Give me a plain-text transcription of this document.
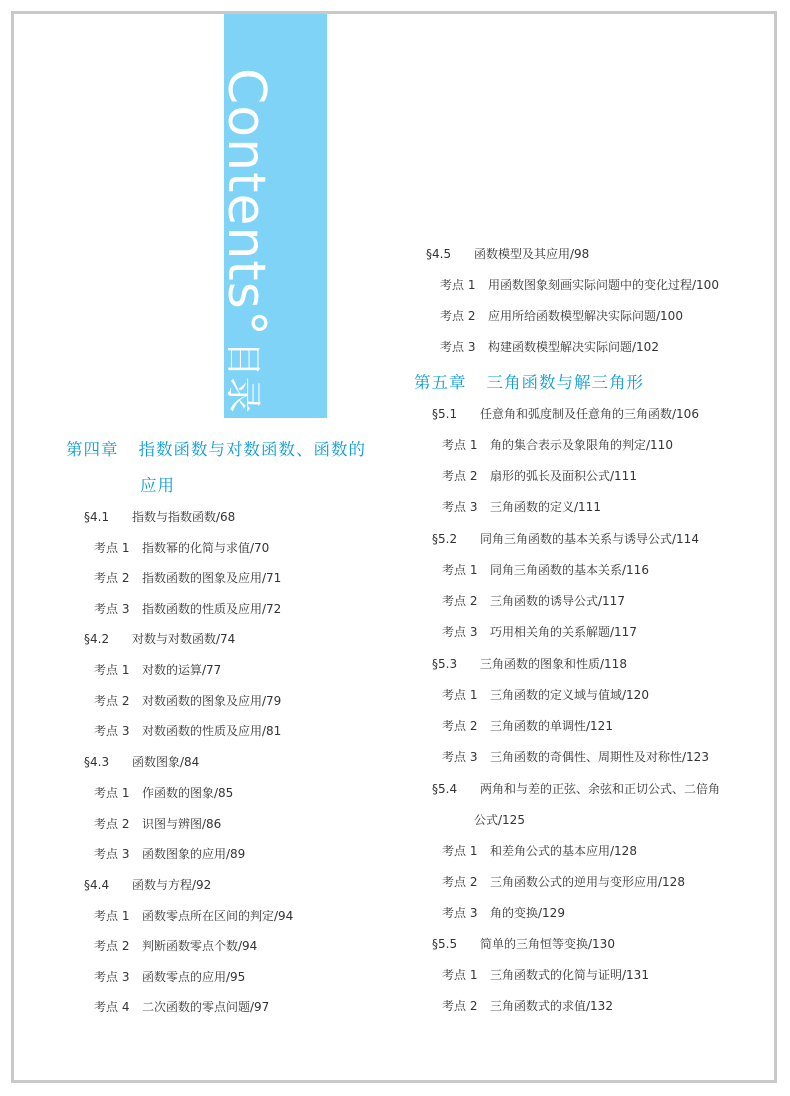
Contents°目录
第四章 指数函数与对数函数、函数的
应用
§4.1 指数与指数函数/68
考点 1 指数幂的化简与求值/70
考点 2 指数函数的图象及应用/71
考点 3 指数函数的性质及应用/72
§4.2 对数与对数函数/74
考点 1 对数的运算/77
考点 2 对数函数的图象及应用/79
考点 3 对数函数的性质及应用/81
§4.3 函数图象/84
考点 1 作函数的图象/85
考点 2 识图与辨图/86
考点 3 函数图象的应用/89
§4.4 函数与方程/92
考点 1 函数零点所在区间的判定/94
考点 2 判断函数零点个数/94
考点 3 函数零点的应用/95
考点 4 二次函数的零点问题/97
§4.5 函数模型及其应用/98
考点 1 用函数图象刻画实际问题中的变化过程/100
考点 2 应用所给函数模型解决实际问题/100
考点 3 构建函数模型解决实际问题/102
第五章 三角函数与解三角形
§5.1 任意角和弧度制及任意角的三角函数/106
考点 1 角的集合表示及象限角的判定/110
考点 2 扇形的弧长及面积公式/111
考点 3 三角函数的定义/111
§5.2 同角三角函数的基本关系与诱导公式/114
考点 1 同角三角函数的基本关系/116
考点 2 三角函数的诱导公式/117
考点 3 巧用相关角的关系解题/117
§5.3 三角函数的图象和性质/118
考点 1 三角函数的定义域与值域/120
考点 2 三角函数的单调性/121
考点 3 三角函数的奇偶性、周期性及对称性/123
§5.4 两角和与差的正弦、余弦和正切公式、二倍角
公式/125
考点 1 和差角公式的基本应用/128
考点 2 三角函数公式的逆用与变形应用/128
考点 3 角的变换/129
§5.5 简单的三角恒等变换/130
考点 1 三角函数式的化简与证明/131
考点 2 三角函数式的求值/132
